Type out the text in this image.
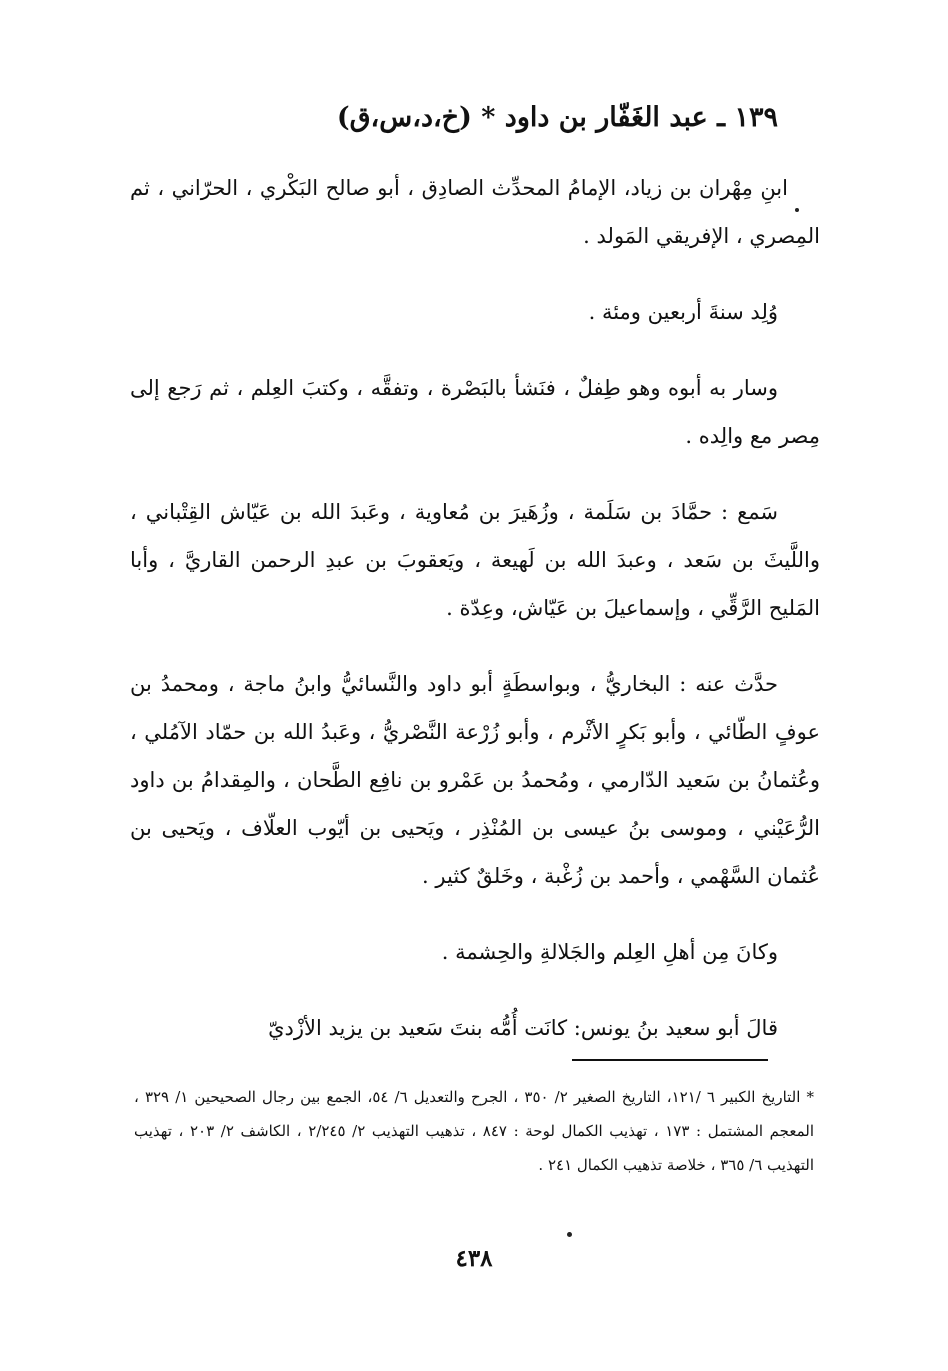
١٣٩ ـ عبد الغَفّار بن داود * (خ،د،س،ق)

ابنِ مِهْران بن زياد، الإمامُ المحدِّث الصادِق ، أبو صالح البَكْري ، الحرّاني ، ثم المِصري ، الإفريقي المَولد .

وُلِد سنةَ أربعين ومئة .

وسار به أبوه وهو طِفلٌ ، فنَشأ بالبَصْرة ، وتفقَّه ، وكتبَ العِلم ، ثم رَجع إلى مِصر مع والِده .

سَمع : حمَّادَ بن سَلَمة ، وزُهَيرَ بن مُعاوية ، وعَبدَ الله بن عَيّاش القِتْباني ، واللَّيثَ بن سَعد ، وعبدَ الله بن لَهيعة ، ويَعقوبَ بن عبدِ الرحمن القاريَّ ، وأبا المَليح الرَّقِّي ، وإسماعيلَ بن عَيّاش، وعِدّة .

حدَّث عنه : البخاريُّ ، وبواسطَةٍ أبو داود والنَّسائيُّ وابنُ ماجة ، ومحمدُ بن عوفٍ الطّائي ، وأبو بَكرٍ الأثْرم ، وأبو زُرْعة النَّصْريُّ ، وعَبدُ الله بن حمّاد الآمُلي ، وعُثمانُ بن سَعيد الدّارمي ، ومُحمدُ بن عَمْرو بن نافِع الطَّحان ، والمِقدامُ بن داود الرُّعَيْني ، وموسى بنُ عيسى بن المُنْذِر ، ويَحيى بن أيّوب العلّاف ، ويَحيى بن عُثمان السَّهْمي ، وأحمد بن زُغْبة ، وخَلقٌ كثير .

وكانَ مِن أهلِ العِلم والجَلالةِ والحِشمة .

قالَ أبو سعيد بنُ يونس: كانَت أُمُّه بنتَ سَعيد بن يزيد الأزْديّ

* التاريخ الكبير ٦ /١٢١، التاريخ الصغير ٢/ ٣٥٠ ، الجرح والتعديل ٦/ ٥٤، الجمع بين رجال الصحيحين ١/ ٣٢٩ ، المعجم المشتمل : ١٧٣ ، تهذيب الكمال لوحة : ٨٤٧ ، تذهيب التهذيب ٢/ ٢/٢٤٥ ، الكاشف ٢/ ٢٠٣ ، تهذيب التهذيب ٦/ ٣٦٥ ، خلاصة تذهيب الكمال ٢٤١ .
٤٣٨
